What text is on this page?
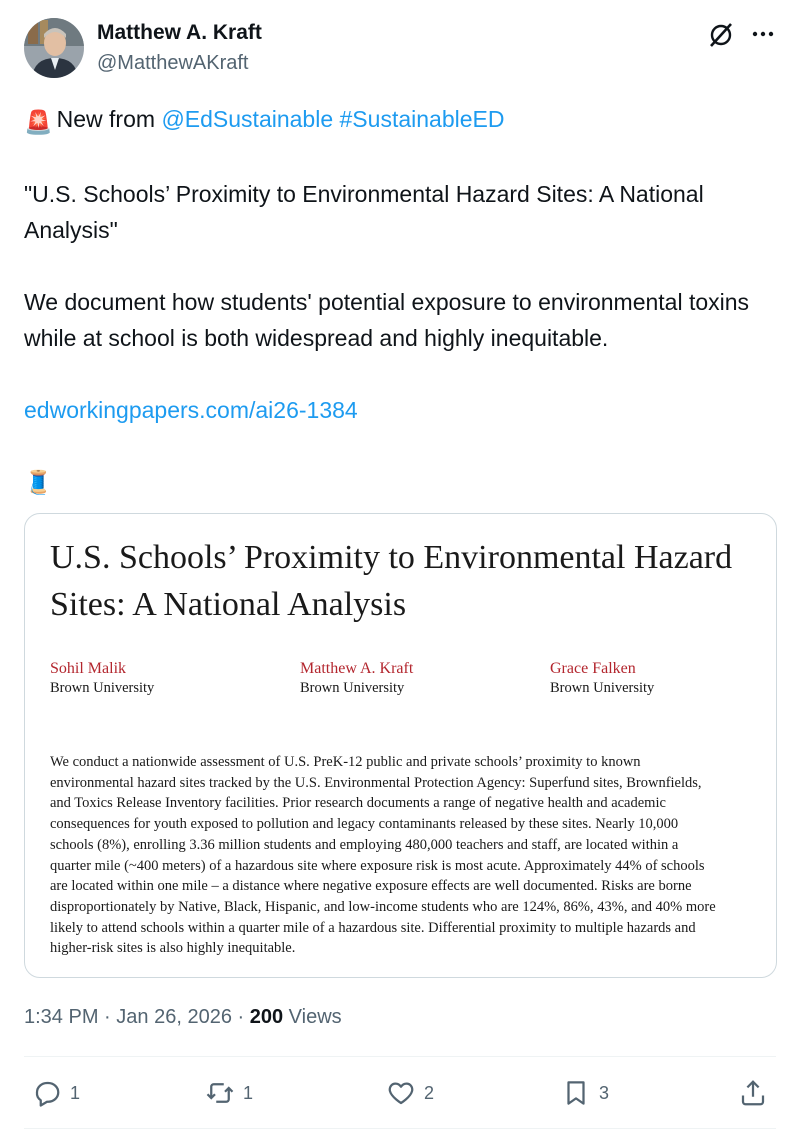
Matthew A. Kraft
@MatthewAKraft
🚨 New from @EdSustainable #SustainableED
"U.S. Schools’ Proximity to Environmental Hazard Sites: A National Analysis"
We document how students' potential exposure to environmental toxins while at school is both widespread and highly inequitable.
edworkingpapers.com/ai26-1384
🧵
U.S. Schools’ Proximity to Environmental Hazard Sites: A National Analysis
Sohil Malik
Brown University
Matthew A. Kraft
Brown University
Grace Falken
Brown University
We conduct a nationwide assessment of U.S. PreK-12 public and private schools’ proximity to known
environmental hazard sites tracked by the U.S. Environmental Protection Agency: Superfund sites, Brownfields,
and Toxics Release Inventory facilities. Prior research documents a range of negative health and academic
consequences for youth exposed to pollution and legacy contaminants released by these sites. Nearly 10,000
schools (8%), enrolling 3.36 million students and employing 480,000 teachers and staff, are located within a
quarter mile (~400 meters) of a hazardous site where exposure risk is most acute. Approximately 44% of schools
are located within one mile – a distance where negative exposure effects are well documented. Risks are borne
disproportionately by Native, Black, Hispanic, and low-income students who are 124%, 86%, 43%, and 40% more
likely to attend schools within a quarter mile of a hazardous site. Differential proximity to multiple hazards and
higher-risk sites is also highly inequitable.
1:34 PM · Jan 26, 2026 · 200 Views
1	1	2	3
